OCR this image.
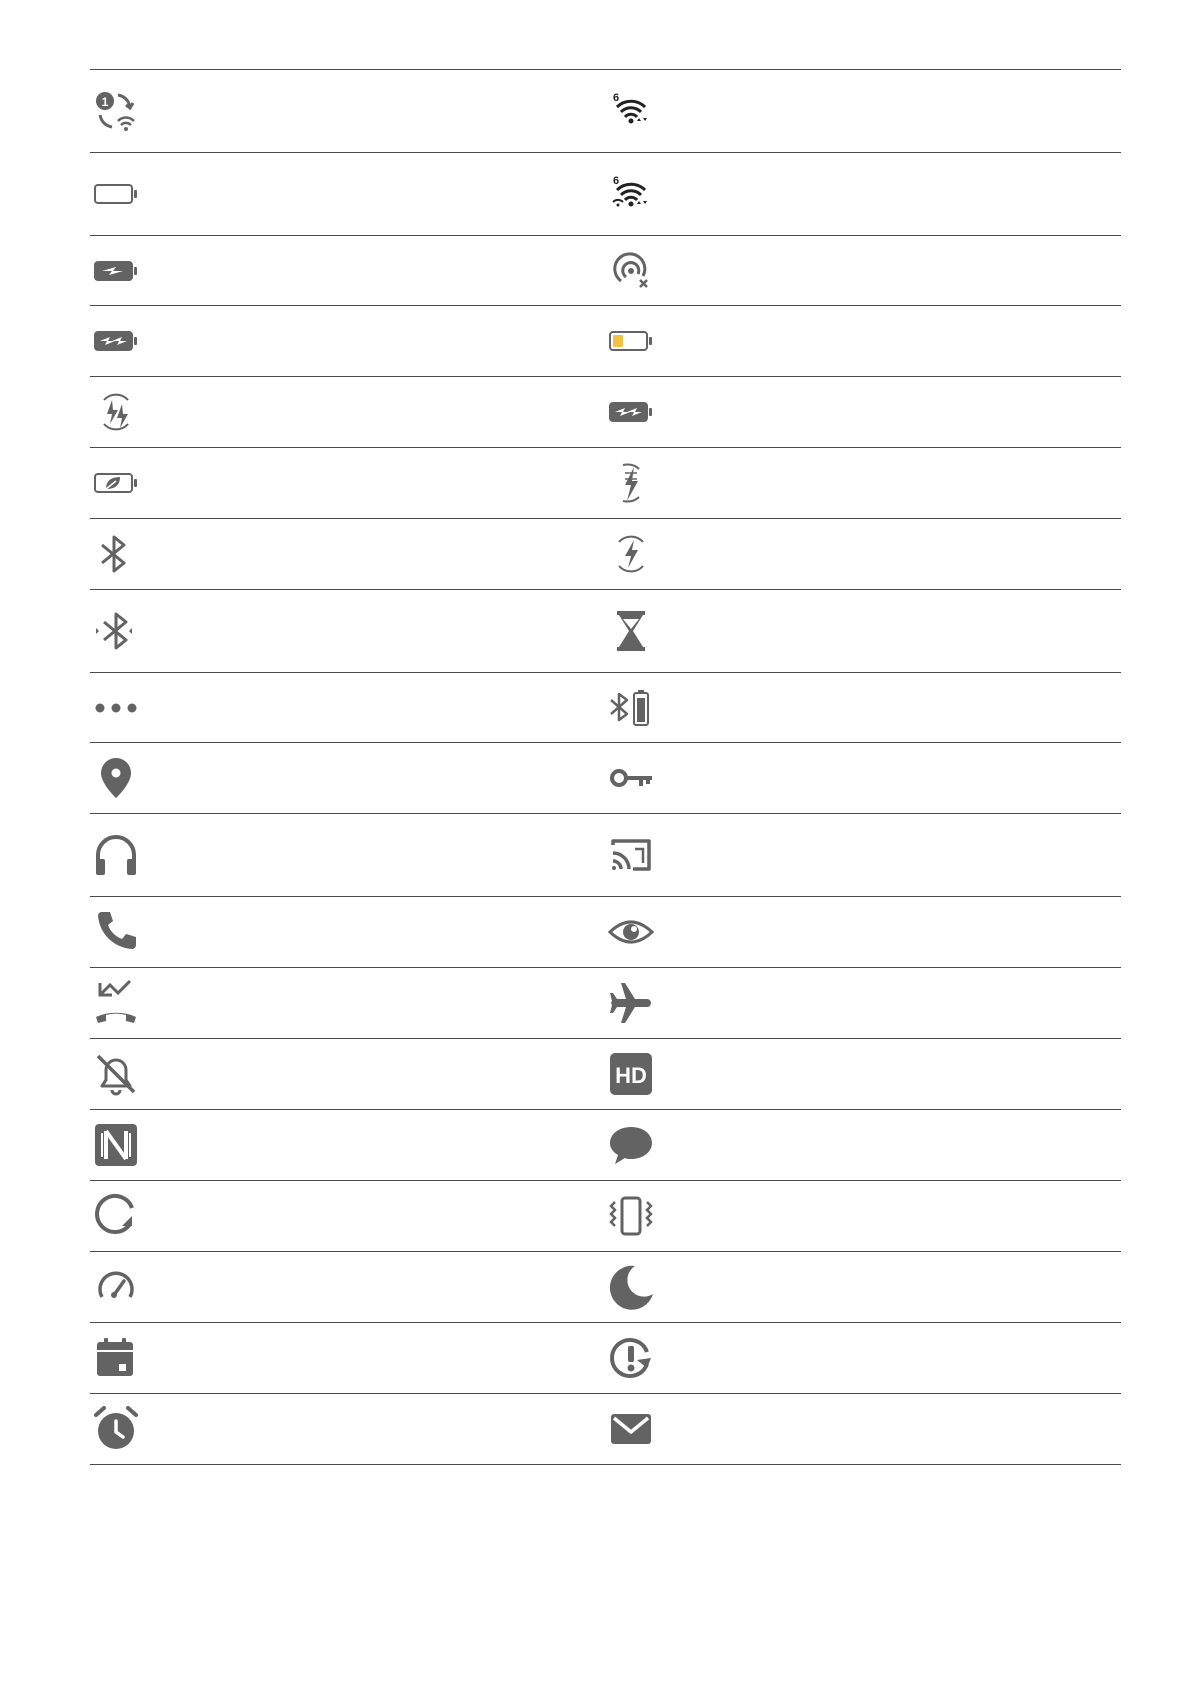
1	6
6
HD
